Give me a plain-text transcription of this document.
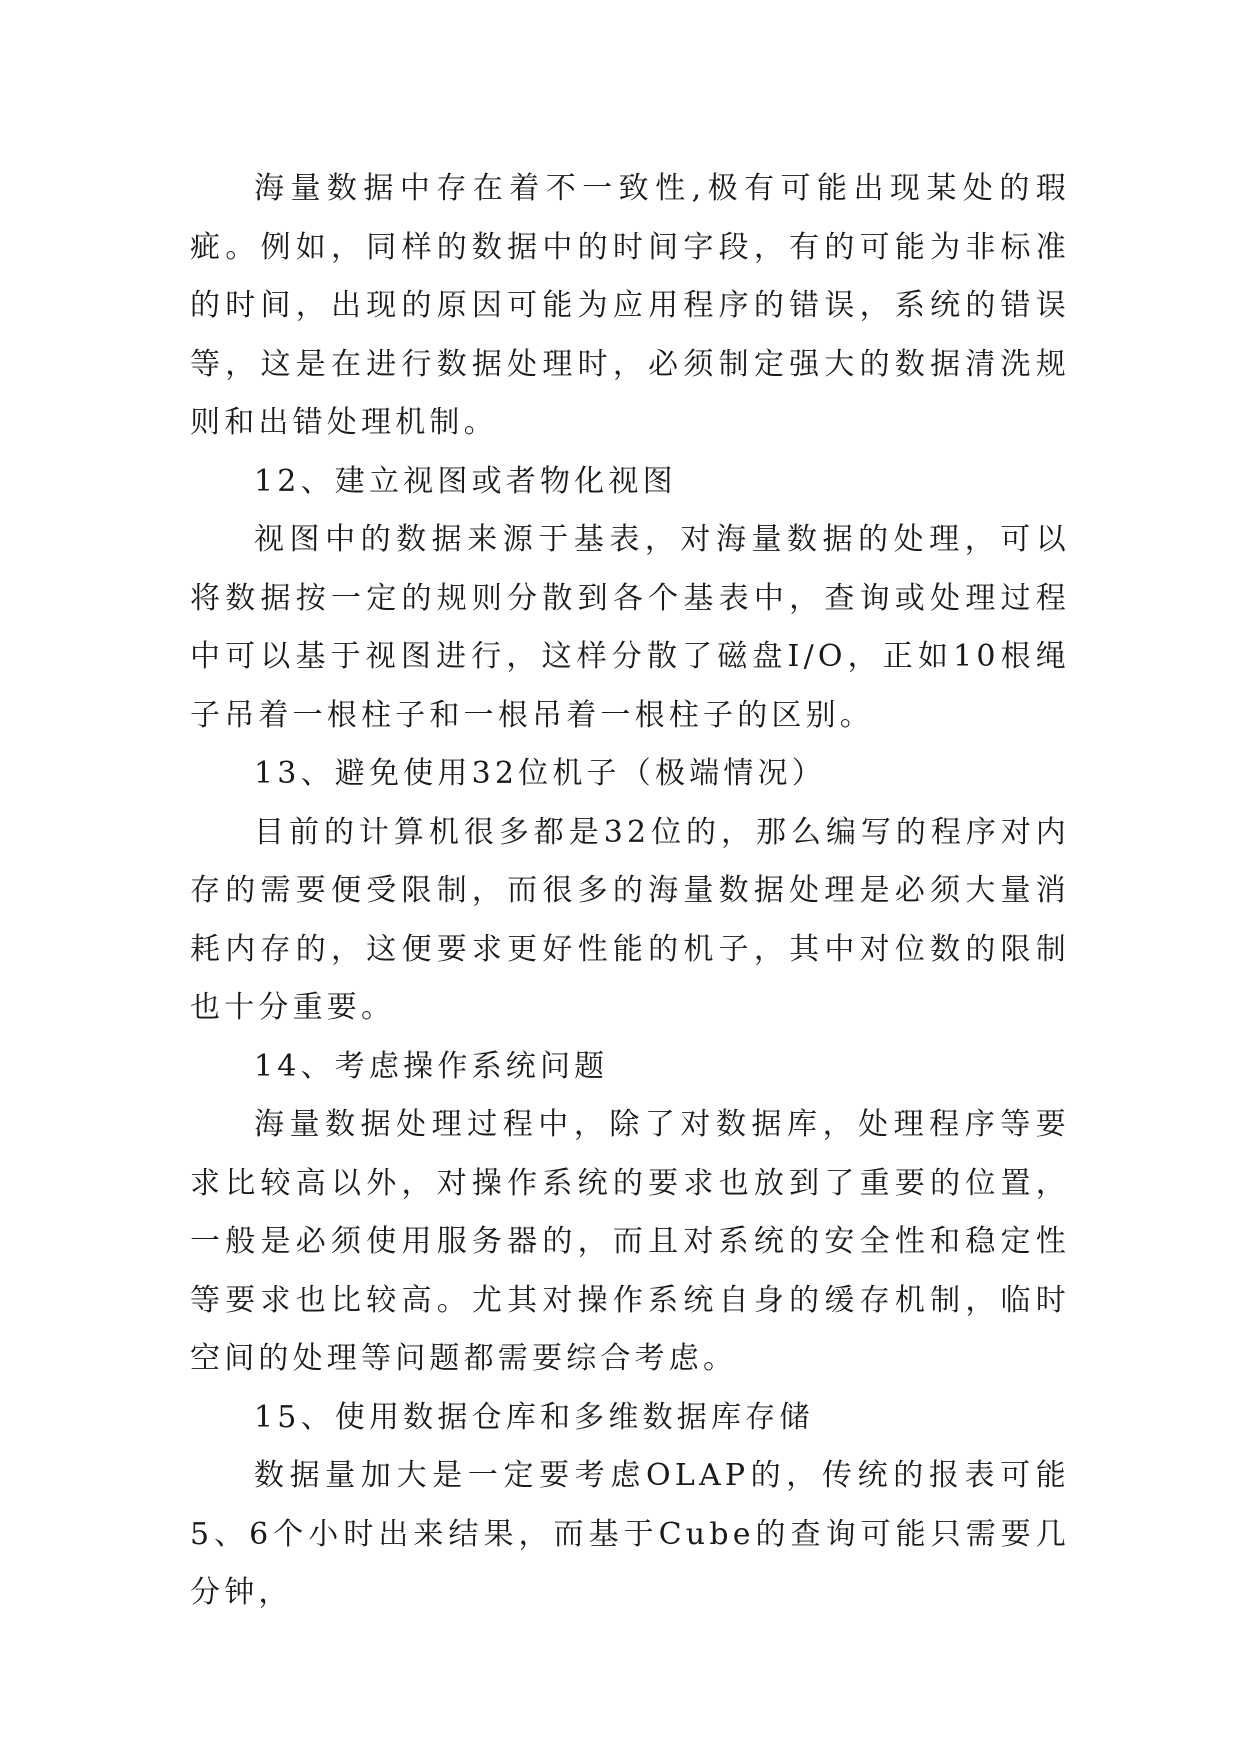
海量数据中存在着不一致性,极有可能出现某处的瑕疵。例如，同样的数据中的时间字段，有的可能为非标准的时间，出现的原因可能为应用程序的错误，系统的错误等，这是在进行数据处理时，必须制定强大的数据清洗规则和出错处理机制。

12、建立视图或者物化视图

视图中的数据来源于基表，对海量数据的处理，可以将数据按一定的规则分散到各个基表中，查询或处理过程中可以基于视图进行，这样分散了磁盘I/O，正如10根绳子吊着一根柱子和一根吊着一根柱子的区别。

13、避免使用32位机子（极端情况）

目前的计算机很多都是32位的，那么编写的程序对内存的需要便受限制，而很多的海量数据处理是必须大量消耗内存的，这便要求更好性能的机子，其中对位数的限制也十分重要。

14、考虑操作系统问题

海量数据处理过程中，除了对数据库，处理程序等要求比较高以外，对操作系统的要求也放到了重要的位置，一般是必须使用服务器的，而且对系统的安全性和稳定性等要求也比较高。尤其对操作系统自身的缓存机制，临时空间的处理等问题都需要综合考虑。

15、使用数据仓库和多维数据库存储

数据量加大是一定要考虑OLAP的，传统的报表可能5、6个小时出来结果，而基于Cube的查询可能只需要几分钟，
